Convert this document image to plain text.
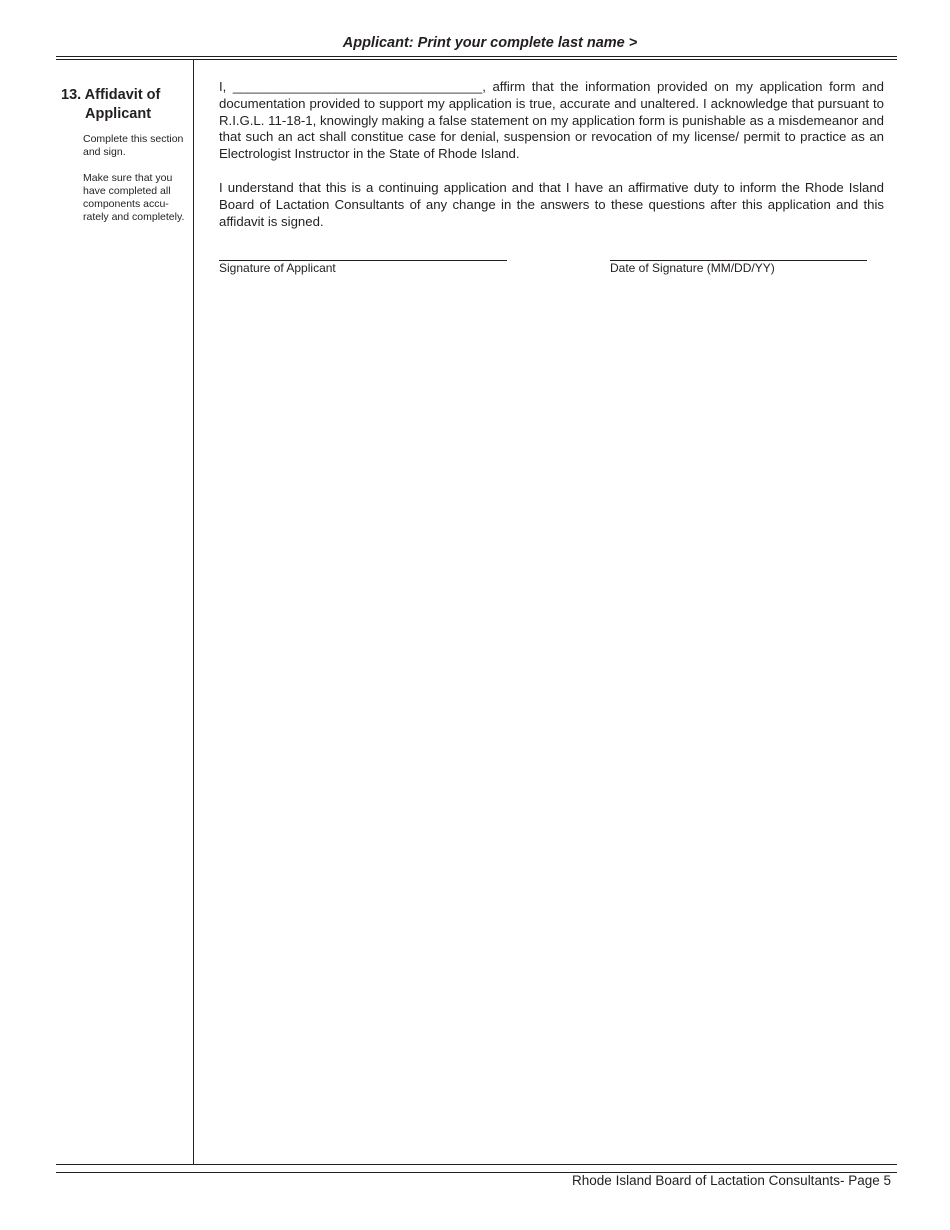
Applicant: Print your complete last name >
13. Affidavit of
Applicant
Complete this section and sign.
Make sure that you have completed all components accu-rately and completely.

I, __________________________________, affirm that the information provided on my application form and documentation provided to support my application is true, accurate and unaltered. I acknowledge that pursuant to R.I.G.L. 11-18-1, knowingly making a false statement on my application form is punishable as a misdemeanor and that such an act shall constitue case for denial, suspension or revocation of my license/ permit to practice as an Electrologist Instructor in the State of Rhode Island.

I understand that this is a continuing application and that I have an affirmative duty to inform the Rhode Island Board of Lactation Consultants of any change in the answers to these questions after this application and this affidavit is signed.

Signature of Applicant	Date of Signature (MM/DD/YY)
Rhode Island Board of Lactation Consultants- Page 5
